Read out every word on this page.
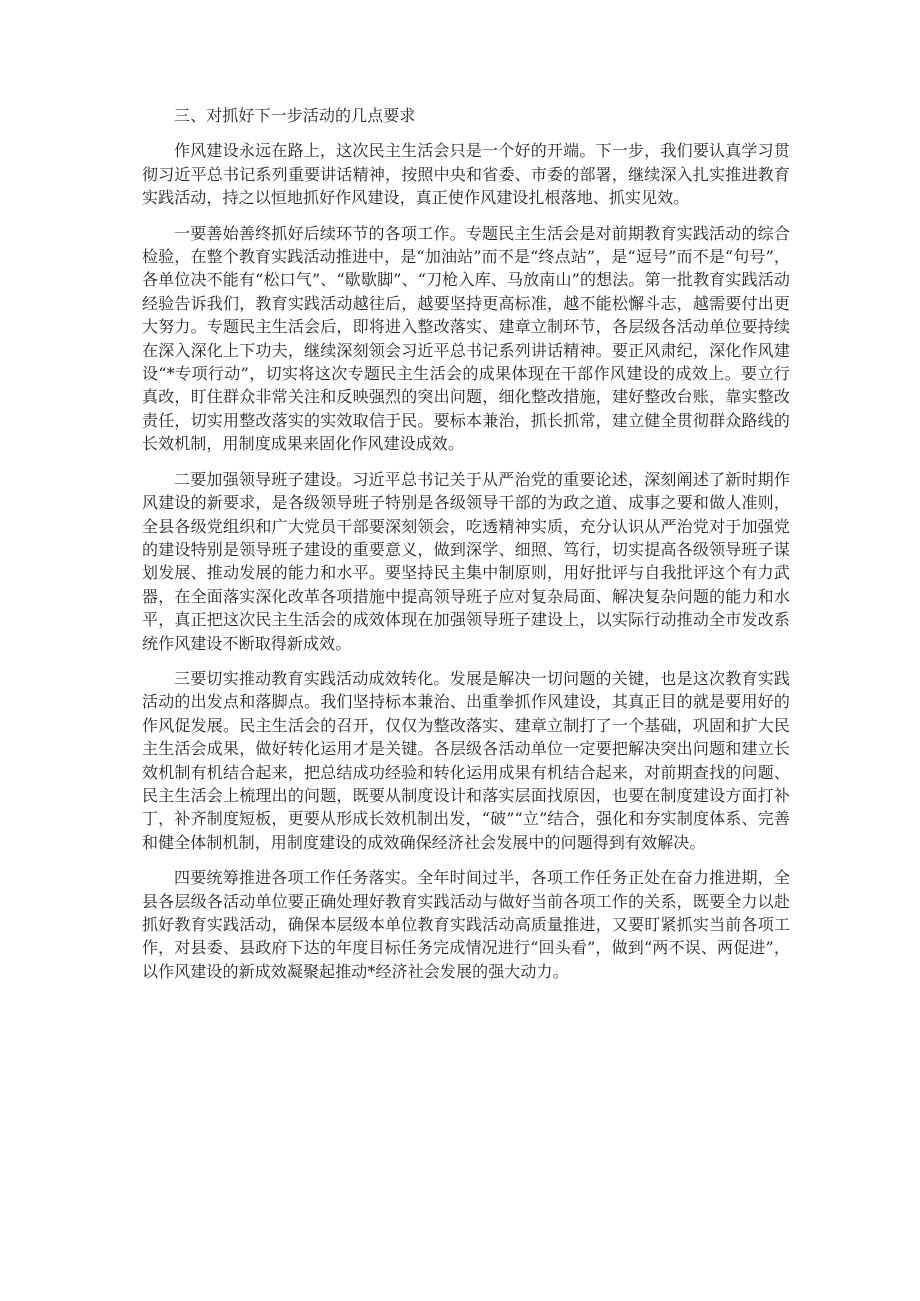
三、对抓好下一步活动的几点要求

作风建设永远在路上，这次民主生活会只是一个好的开端。下一步，我们要认真学习贯彻习近平总书记系列重要讲话精神，按照中央和省委、市委的部署，继续深入扎实推进教育实践活动，持之以恒地抓好作风建设，真正使作风建设扎根落地、抓实见效。

一要善始善终抓好后续环节的各项工作。专题民主生活会是对前期教育实践活动的综合检验，在整个教育实践活动推进中，是“加油站”而不是“终点站”，是“逗号”而不是“句号”，各单位决不能有“松口气”、“歇歇脚”、“刀枪入库、马放南山”的想法。第一批教育实践活动经验告诉我们，教育实践活动越往后，越要坚持更高标准，越不能松懈斗志，越需要付出更大努力。专题民主生活会后，即将进入整改落实、建章立制环节，各层级各活动单位要持续在深入深化上下功夫，继续深刻领会习近平总书记系列讲话精神。要正风肃纪，深化作风建设“*专项行动”，切实将这次专题民主生活会的成果体现在干部作风建设的成效上。要立行真改，盯住群众非常关注和反映强烈的突出问题，细化整改措施，建好整改台账，靠实整改责任，切实用整改落实的实效取信于民。要标本兼治，抓长抓常，建立健全贯彻群众路线的长效机制，用制度成果来固化作风建设成效。

二要加强领导班子建设。习近平总书记关于从严治党的重要论述，深刻阐述了新时期作风建设的新要求，是各级领导班子特别是各级领导干部的为政之道、成事之要和做人准则，全县各级党组织和广大党员干部要深刻领会，吃透精神实质，充分认识从严治党对于加强党的建设特别是领导班子建设的重要意义，做到深学、细照、笃行，切实提高各级领导班子谋划发展、推动发展的能力和水平。要坚持民主集中制原则，用好批评与自我批评这个有力武器，在全面落实深化改革各项措施中提高领导班子应对复杂局面、解决复杂问题的能力和水平，真正把这次民主生活会的成效体现在加强领导班子建设上，以实际行动推动全市发改系统作风建设不断取得新成效。

三要切实推动教育实践活动成效转化。发展是解决一切问题的关键，也是这次教育实践活动的出发点和落脚点。我们坚持标本兼治、出重拳抓作风建设，其真正目的就是要用好的作风促发展。民主生活会的召开，仅仅为整改落实、建章立制打了一个基础，巩固和扩大民主生活会成果，做好转化运用才是关键。各层级各活动单位一定要把解决突出问题和建立长效机制有机结合起来，把总结成功经验和转化运用成果有机结合起来，对前期查找的问题、民主生活会上梳理出的问题，既要从制度设计和落实层面找原因，也要在制度建设方面打补丁，补齐制度短板，更要从形成长效机制出发，“破”“立”结合，强化和夯实制度体系、完善和健全体制机制，用制度建设的成效确保经济社会发展中的问题得到有效解决。

四要统筹推进各项工作任务落实。全年时间过半，各项工作任务正处在奋力推进期，全县各层级各活动单位要正确处理好教育实践活动与做好当前各项工作的关系，既要全力以赴抓好教育实践活动，确保本层级本单位教育实践活动高质量推进，又要盯紧抓实当前各项工作，对县委、县政府下达的年度目标任务完成情况进行“回头看”，做到“两不误、两促进”，以作风建设的新成效凝聚起推动*经济社会发展的强大动力。
